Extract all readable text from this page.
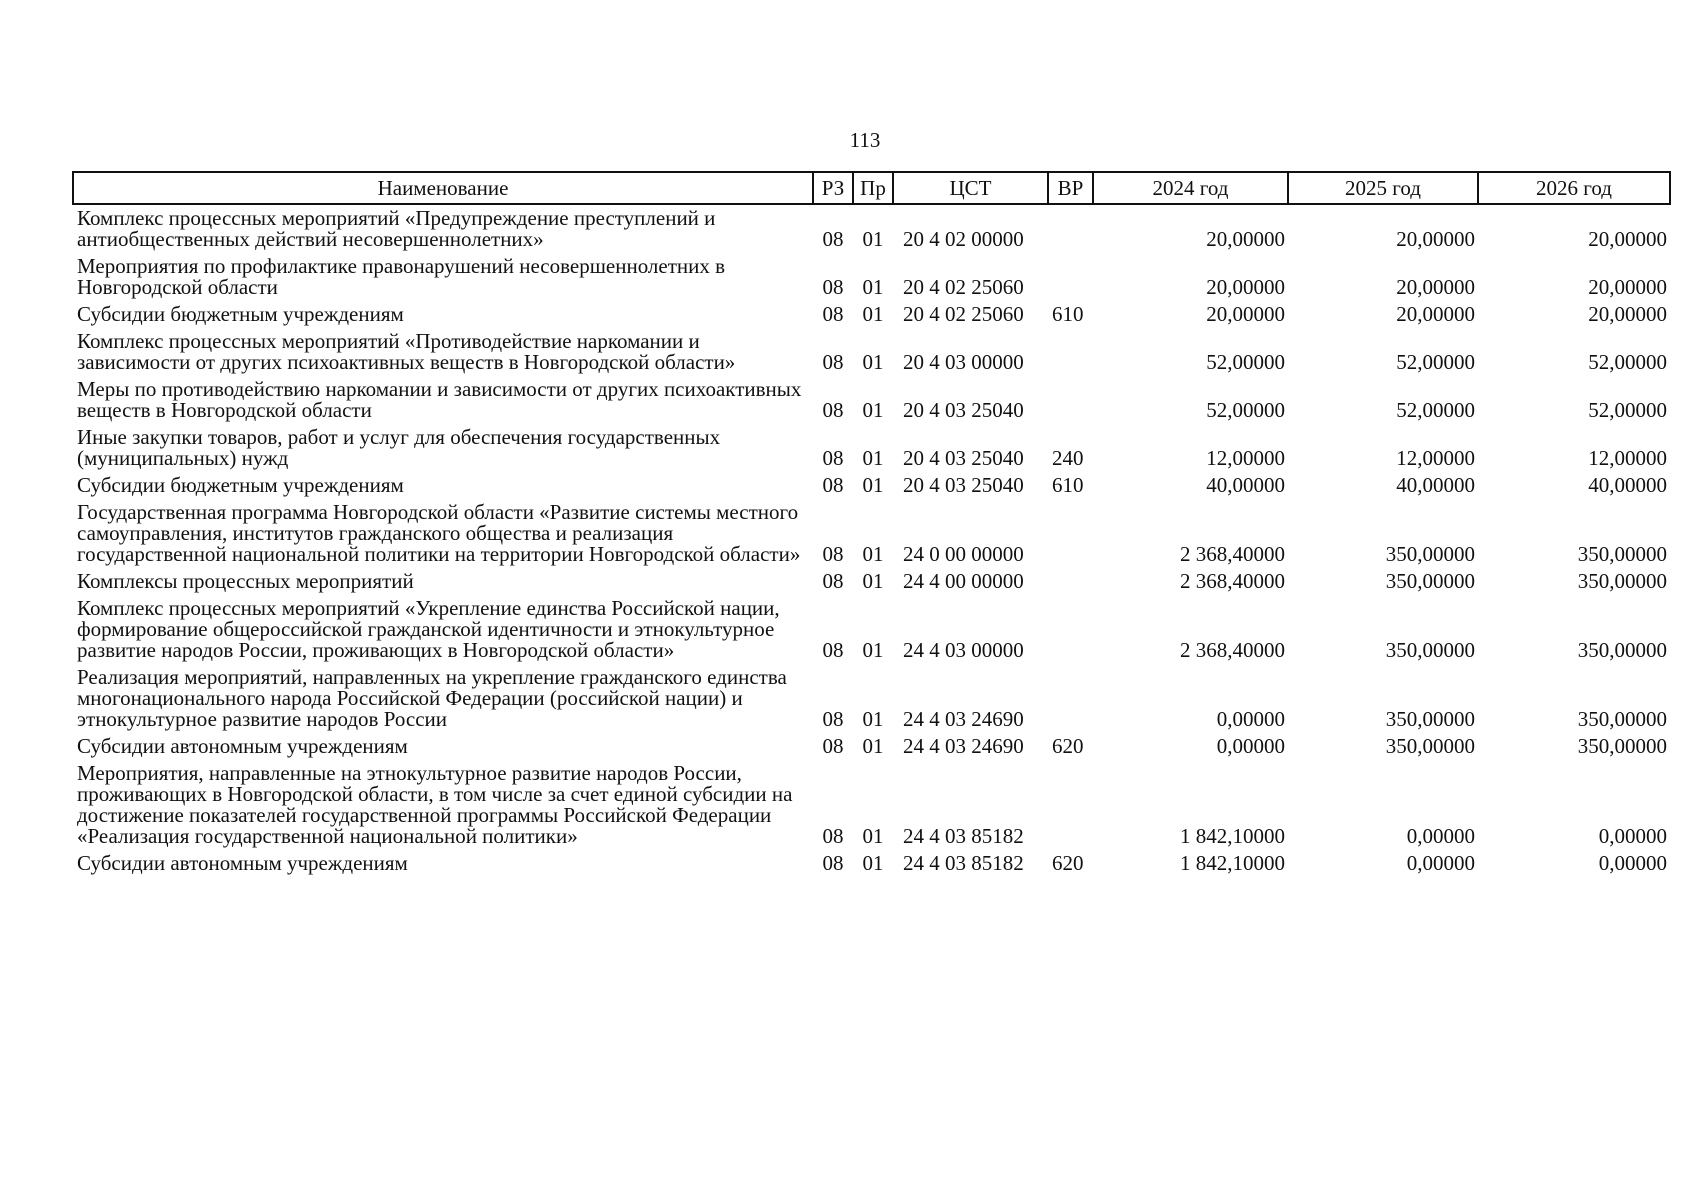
113
Наименование	РЗ	Пр	ЦСТ	ВР	2024 год	2025 год	2026 год
Комплекс процессных мероприятий «Предупреждение преступлений и антиобщественных действий несовершеннолетних»	08	01	20 4 02 00000		20,00000	20,00000	20,00000
Мероприятия по профилактике правонарушений несовершеннолетних в Новгородской области	08	01	20 4 02 25060		20,00000	20,00000	20,00000
Субсидии бюджетным учреждениям	08	01	20 4 02 25060	610	20,00000	20,00000	20,00000
Комплекс процессных мероприятий «Противодействие наркомании и зависимости от других психоактивных веществ в Новгородской области»	08	01	20 4 03 00000		52,00000	52,00000	52,00000
Меры по противодействию наркомании и зависимости от других психоактивных веществ в Новгородской области	08	01	20 4 03 25040		52,00000	52,00000	52,00000
Иные закупки товаров, работ и услуг для обеспечения государственных (муниципальных) нужд	08	01	20 4 03 25040	240	12,00000	12,00000	12,00000
Субсидии бюджетным учреждениям	08	01	20 4 03 25040	610	40,00000	40,00000	40,00000
Государственная программа Новгородской области «Развитие системы местного самоуправления, институтов гражданского общества и реализация государственной национальной политики на территории Новгородской области»	08	01	24 0 00 00000		2 368,40000	350,00000	350,00000
Комплексы процессных мероприятий	08	01	24 4 00 00000		2 368,40000	350,00000	350,00000
Комплекс процессных мероприятий «Укрепление единства Российской нации, формирование общероссийской гражданской идентичности и этнокультурное развитие народов России, проживающих в Новгородской области»	08	01	24 4 03 00000		2 368,40000	350,00000	350,00000
Реализация мероприятий, направленных на укрепление гражданского единства многонационального народа Российской Федерации (российской нации) и этнокультурное развитие народов России	08	01	24 4 03 24690		0,00000	350,00000	350,00000
Субсидии автономным учреждениям	08	01	24 4 03 24690	620	0,00000	350,00000	350,00000
Мероприятия, направленные на этнокультурное развитие народов России, проживающих в Новгородской области, в том числе за счет единой субсидии на достижение показателей государственной программы Российской Федерации «Реализация государственной национальной политики»	08	01	24 4 03 85182		1 842,10000	0,00000	0,00000
Субсидии автономным учреждениям	08	01	24 4 03 85182	620	1 842,10000	0,00000	0,00000
